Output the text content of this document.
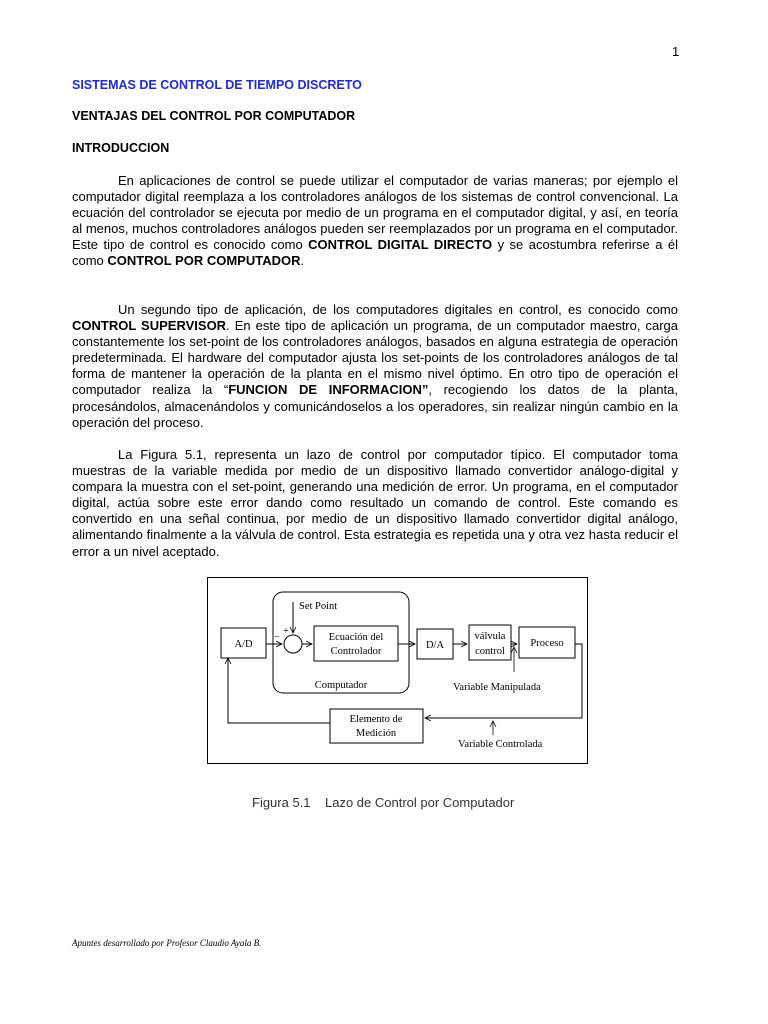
1
SISTEMAS DE CONTROL DE TIEMPO DISCRETO
VENTAJAS DEL CONTROL POR COMPUTADOR
INTRODUCCION

En aplicaciones de control se puede utilizar el computador de varias maneras; por ejemplo el computador digital reemplaza a los controladores análogos de los sistemas de control convencional. La ecuación del controlador se ejecuta por medio de un programa en el computador digital, y así, en teoría al menos, muchos controladores análogos pueden ser reemplazados por un programa en el computador. Este tipo de control es conocido como CONTROL DIGITAL DIRECTO y se acostumbra referirse a él como CONTROL POR COMPUTADOR.

Un segundo tipo de aplicación, de los computadores digitales en control, es conocido como CONTROL SUPERVISOR. En este tipo de aplicación un programa, de un computador maestro, carga constantemente los set-point de los controladores análogos, basados en alguna estrategia de operación predeterminada. El hardware del computador ajusta los set-points de los controladores análogos de tal forma de mantener la operación de la planta en el mismo nivel óptimo. En otro tipo de operación el computador realiza la “FUNCION DE INFORMACION”, recogiendo los datos de la planta, procesándolos, almacenándolos y comunicándoselos a los operadores, sin realizar ningún cambio en la operación del proceso.

La Figura 5.1, representa un lazo de control por computador típico. El computador toma muestras de la variable medida por medio de un dispositivo llamado convertidor análogo-digital y compara la muestra con el set-point, generando una medición de error. Un programa, en el computador digital, actúa sobre este error dando como resultado un comando de control. Este comando es convertido en una señal continua, por medio de un dispositivo llamado convertidor digital análogo, alimentando finalmente a la válvula de control. Esta estrategia es repetida una y otra vez hasta reducir el error a un nivel aceptado.

Set Point
+
−
A/D
Ecuación del
Controlador
D/A
válvula
control
Proceso
Computador	Variable Manipulada
Elemento de
Medición
Variable Controlada
Figura 5.1 Lazo de Control por Computador
Apuntes desarrollado por Profesor Claudio Ayala B.
